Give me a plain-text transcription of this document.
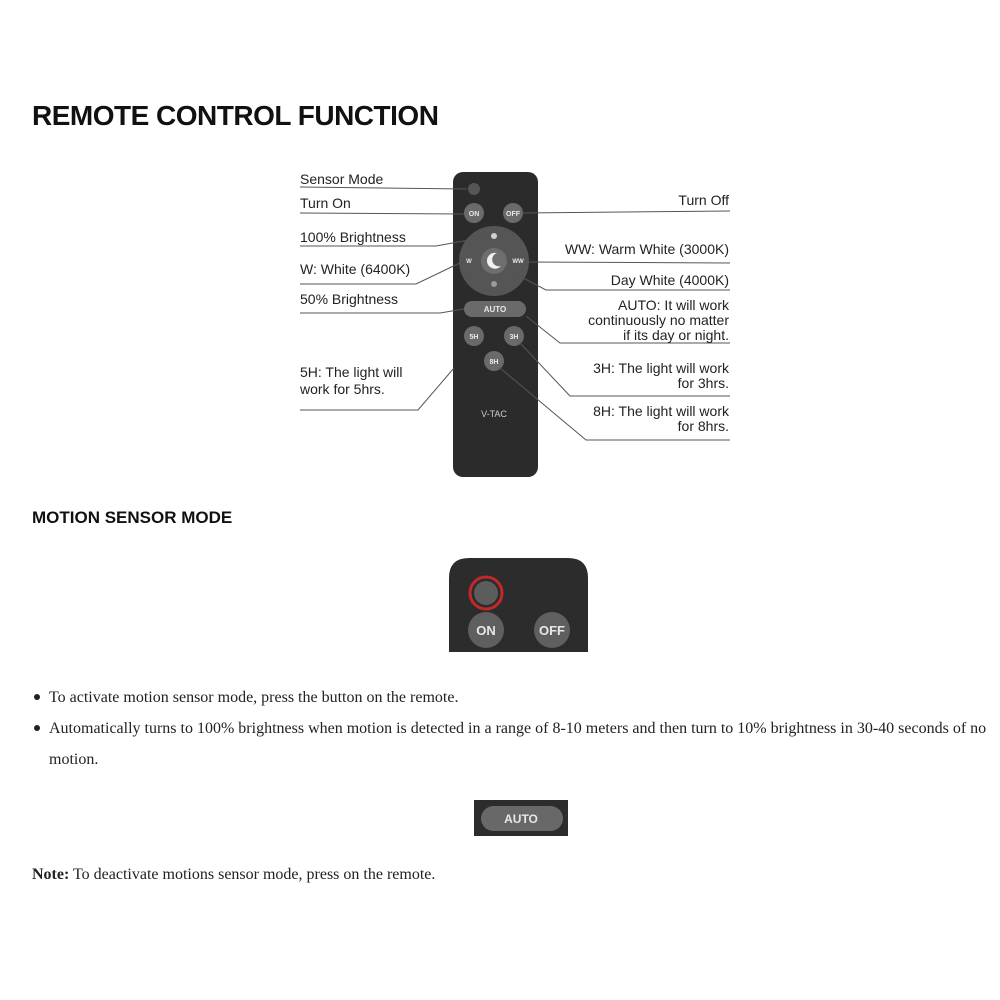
REMOTE CONTROL FUNCTION
ON	OFF
W	WW
AUTO
5H	3H
8H
V-TAC
Sensor Mode
Turn On
100% Brightness
W: White (6400K)
50% Brightness
5H: The light will
work for 5hrs.
Turn Off
WW: Warm White (3000K)
Day White (4000K)
AUTO: It will work
continuously no matter
if its day or night.
3H: The light will work
for 3hrs.
8H: The light will work
for 8hrs.
ON	OFF
AUTO
MOTION SENSOR MODE
To activate motion sensor mode, press the button on the remote.
Automatically turns to 100% brightness when motion is detected in a range of 8-10 meters and then turn to 10% brightness in 30-40 seconds of no motion.

Note: To deactivate motions sensor mode, press on the remote.
